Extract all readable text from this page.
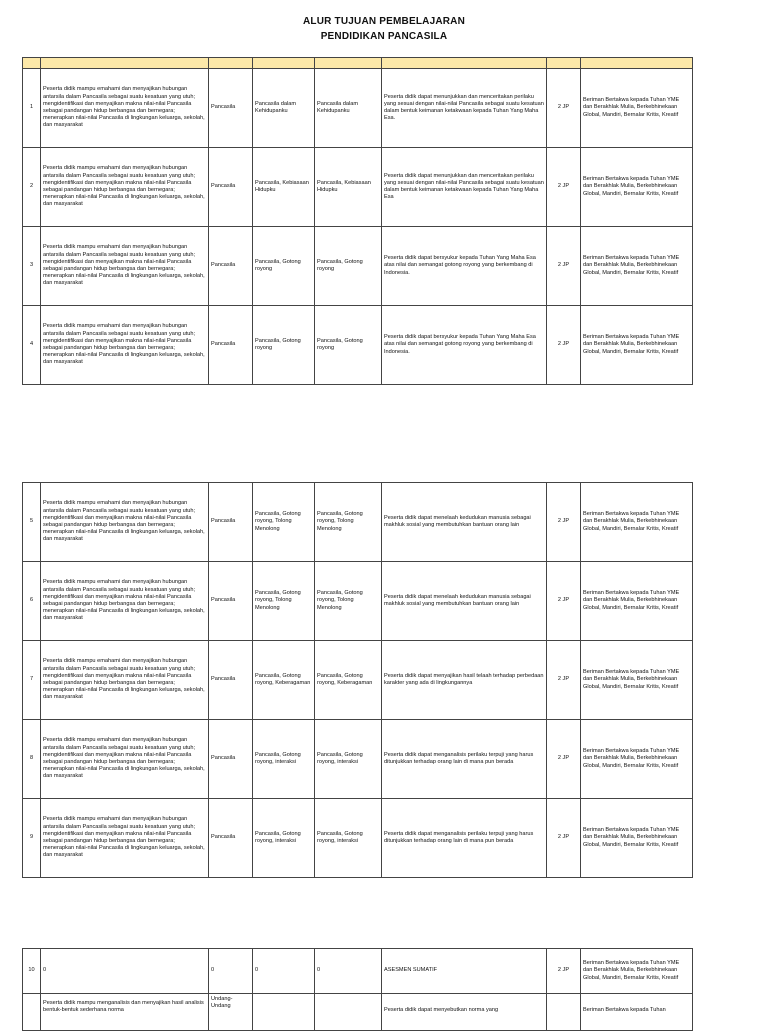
ALUR TUJUAN PEMBELAJARAN
PENDIDIKAN PANCASILA

1	Peserta didik mampu emahami dan menyajikan hubungan antarsila dalam Pancasila sebagai suatu kesatuan yang utuh; mengidentifikasi dan menyajikan makna nilai-nilai Pancasila sebagai pandangan hidup berbangsa dan bernegara; menerapkan nilai-nilai Pancasila di lingkungan keluarga, sekolah, dan masyarakat	Pancasila	Pancasila dalam Kehidupanku	Pancasila dalam Kehidupanku	Peserta didik dapat menunjukkan dan menceritakan perilaku yang sesuai dengan nilai-nilai Pancasila sebagai suatu kesatuan dalam bentuk keimanan ketakwaan kepada Tuhan Yang Maha Esa.	2 JP	Beriman Bertakwa kepada Tuhan YME dan Berakhlak Mulia, Berkebhinekaan Global, Mandiri, Bernalar Kritis, Kreatif
2	Peserta didik mampu emahami dan menyajikan hubungan antarsila dalam Pancasila sebagai suatu kesatuan yang utuh; mengidentifikasi dan menyajikan makna nilai-nilai Pancasila sebagai pandangan hidup berbangsa dan bernegara; menerapkan nilai-nilai Pancasila di lingkungan keluarga, sekolah, dan masyarakat	Pancasila	Pancasila, Kebiasaan Hidupku	Pancasila, Kebiasaan Hidupku	Peserta didik dapat menunjukkan dan menceritakan perilaku yang sesuai dengan nilai-nilai Pancasila sebagai suatu kesatuan dalam bentuk keimanan ketakwaan kepada Tuhan Yang Maha Esa	2 JP	Beriman Bertakwa kepada Tuhan YME dan Berakhlak Mulia, Berkebhinekaan Global, Mandiri, Bernalar Kritis, Kreatif
3	Peserta didik mampu emahami dan menyajikan hubungan antarsila dalam Pancasila sebagai suatu kesatuan yang utuh; mengidentifikasi dan menyajikan makna nilai-nilai Pancasila sebagai pandangan hidup berbangsa dan bernegara; menerapkan nilai-nilai Pancasila di lingkungan keluarga, sekolah, dan masyarakat	Pancasila	Pancasila, Gotong royong	Pancasila, Gotong royong	Peserta didik dapat bersyukur kepada Tuhan Yang Maha Esa atas nilai dan semangat gotong royong yang berkembang di Indonesia.	2 JP	Beriman Bertakwa kepada Tuhan YME dan Berakhlak Mulia, Berkebhinekaan Global, Mandiri, Bernalar Kritis, Kreatif
4	Peserta didik mampu emahami dan menyajikan hubungan antarsila dalam Pancasila sebagai suatu kesatuan yang utuh; mengidentifikasi dan menyajikan makna nilai-nilai Pancasila sebagai pandangan hidup berbangsa dan bernegara; menerapkan nilai-nilai Pancasila di lingkungan keluarga, sekolah, dan masyarakat	Pancasila	Pancasila, Gotong royong	Pancasila, Gotong royong	Peserta didik dapat bersyukur kepada Tuhan Yang Maha Esa atas nilai dan semangat gotong royong yang berkembang di Indonesia.	2 JP	Beriman Bertakwa kepada Tuhan YME dan Berakhlak Mulia, Berkebhinekaan Global, Mandiri, Bernalar Kritis, Kreatif
5	Peserta didik mampu emahami dan menyajikan hubungan antarsila dalam Pancasila sebagai suatu kesatuan yang utuh; mengidentifikasi dan menyajikan makna nilai-nilai Pancasila sebagai pandangan hidup berbangsa dan bernegara; menerapkan nilai-nilai Pancasila di lingkungan keluarga, sekolah, dan masyarakat	Pancasila	Pancasila, Gotong royong, Tolong Menolong	Pancasila, Gotong royong, Tolong Menolong	Peserta didik dapat menelaah kedudukan manusia sebagai makhluk sosial yang membutuhkan bantuan orang lain	2 JP	Beriman Bertakwa kepada Tuhan YME dan Berakhlak Mulia, Berkebhinekaan Global, Mandiri, Bernalar Kritis, Kreatif
6	Peserta didik mampu emahami dan menyajikan hubungan antarsila dalam Pancasila sebagai suatu kesatuan yang utuh; mengidentifikasi dan menyajikan makna nilai-nilai Pancasila sebagai pandangan hidup berbangsa dan bernegara; menerapkan nilai-nilai Pancasila di lingkungan keluarga, sekolah, dan masyarakat	Pancasila	Pancasila, Gotong royong, Tolong Menolong	Pancasila, Gotong royong, Tolong Menolong	Peserta didik dapat menelaah kedudukan manusia sebagai makhluk sosial yang membutuhkan bantuan orang lain	2 JP	Beriman Bertakwa kepada Tuhan YME dan Berakhlak Mulia, Berkebhinekaan Global, Mandiri, Bernalar Kritis, Kreatif
7	Peserta didik mampu emahami dan menyajikan hubungan antarsila dalam Pancasila sebagai suatu kesatuan yang utuh; mengidentifikasi dan menyajikan makna nilai-nilai Pancasila sebagai pandangan hidup berbangsa dan bernegara; menerapkan nilai-nilai Pancasila di lingkungan keluarga, sekolah, dan masyarakat	Pancasila	Pancasila, Gotong royong, Keberagaman	Pancasila, Gotong royong, Keberagaman	Peserta didik dapat menyajikan hasil telaah terhadap perbedaan karakter yang ada di lingkungannya	2 JP	Beriman Bertakwa kepada Tuhan YME dan Berakhlak Mulia, Berkebhinekaan Global, Mandiri, Bernalar Kritis, Kreatif
8	Peserta didik mampu emahami dan menyajikan hubungan antarsila dalam Pancasila sebagai suatu kesatuan yang utuh; mengidentifikasi dan menyajikan makna nilai-nilai Pancasila sebagai pandangan hidup berbangsa dan bernegara; menerapkan nilai-nilai Pancasila di lingkungan keluarga, sekolah, dan masyarakat	Pancasila	Pancasila, Gotong royong, interaksi	Pancasila, Gotong royong, interaksi	Peserta didik dapat menganalisis perilaku terpuji yang harus ditunjukkan terhadap orang lain di mana pun berada	2 JP	Beriman Bertakwa kepada Tuhan YME dan Berakhlak Mulia, Berkebhinekaan Global, Mandiri, Bernalar Kritis, Kreatif
9	Peserta didik mampu emahami dan menyajikan hubungan antarsila dalam Pancasila sebagai suatu kesatuan yang utuh; mengidentifikasi dan menyajikan makna nilai-nilai Pancasila sebagai pandangan hidup berbangsa dan bernegara; menerapkan nilai-nilai Pancasila di lingkungan keluarga, sekolah, dan masyarakat	Pancasila	Pancasila, Gotong royong, interaksi	Pancasila, Gotong royong, interaksi	Peserta didik dapat menganalisis perilaku terpuji yang harus ditunjukkan terhadap orang lain di mana pun berada	2 JP	Beriman Bertakwa kepada Tuhan YME dan Berakhlak Mulia, Berkebhinekaan Global, Mandiri, Bernalar Kritis, Kreatif
10	0	0	0	0	ASESMEN SUMATIF	2 JP	Beriman Bertakwa kepada Tuhan YME dan Berakhlak Mulia, Berkebhinekaan Global, Mandiri, Bernalar Kritis, Kreatif
	Peserta didik mampu menganalisis dan menyajikan hasil analisis bentuk-bentuk sederhana norma	Undang-Undang			Peserta didik dapat menyebutkan norma yang		Beriman Bertakwa kepada Tuhan
